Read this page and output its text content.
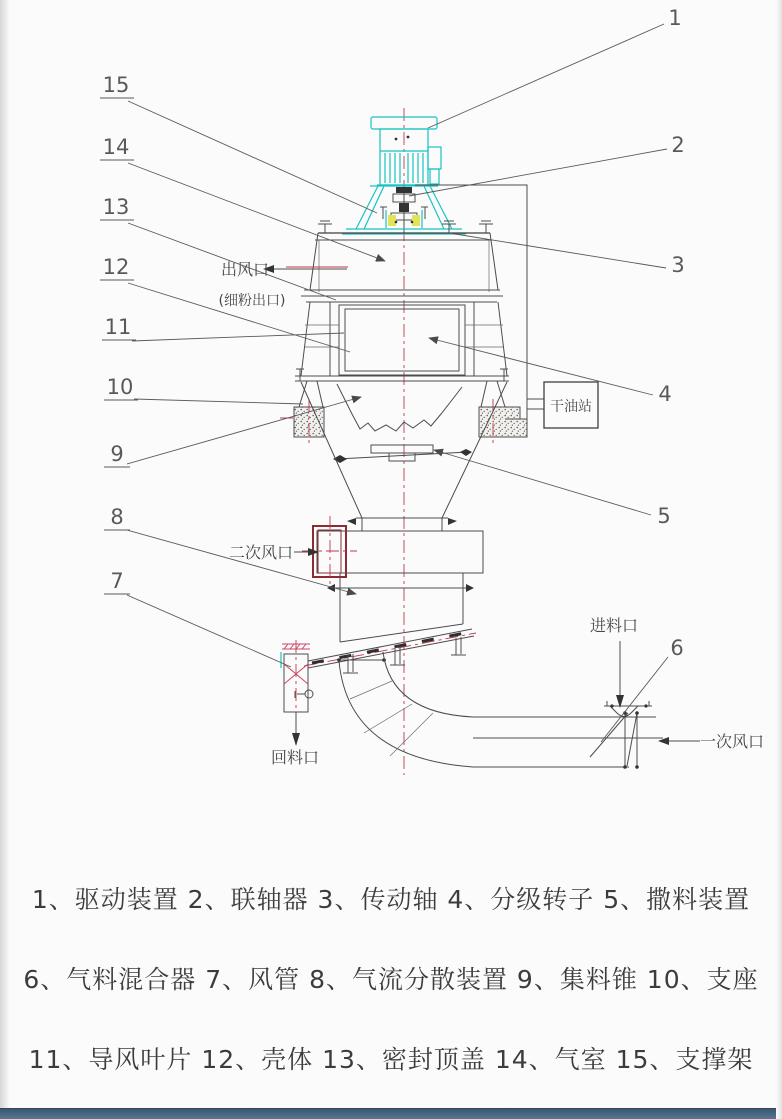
干油站
出风口
(细粉出口)
二次风口
回料口
进料口
一次风口
15
14
13
12
11
10
9
8
7
1
2
3
4
5
6
1、驱动装置 2、联轴器 3、传动轴 4、分级转子 5、撒料装置
6、气料混合器 7、风管 8、气流分散装置 9、集料锥 10、支座
11、导风叶片 12、壳体 13、密封顶盖 14、气室 15、支撑架
